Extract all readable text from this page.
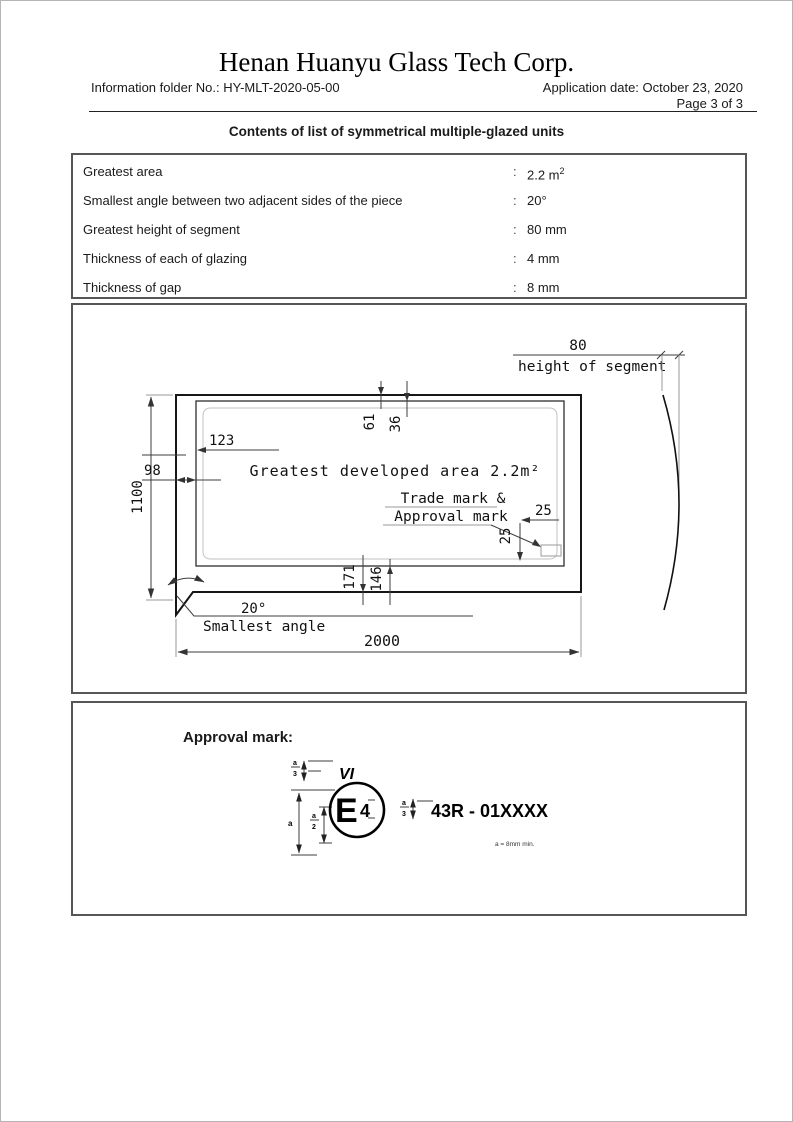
Henan Huanyu Glass Tech Corp.
Information folder No.: HY-MLT-2020-05-00	Application date: October 23, 2020
Page 3 of 3
Contents of list of symmetrical multiple-glazed units
Greatest area	: 2.2 $m^2$
Smallest angle between two adjacent sides of the piece	: 20°
Greatest height of segment	: 80 mm
Thickness of each of glazing	: 4 mm
Thickness of gap	: 8 mm
1100
123
98
61 36
171 146
Greatest developed area 2.2m²
Trade mark &
Approval mark 25
25
20°
Smallest angle
2000
80
height of segment
Approval mark:
a
3	VI
a
a
2 E 4	a
3 43R - 01XXXX
a = 8mm min.
